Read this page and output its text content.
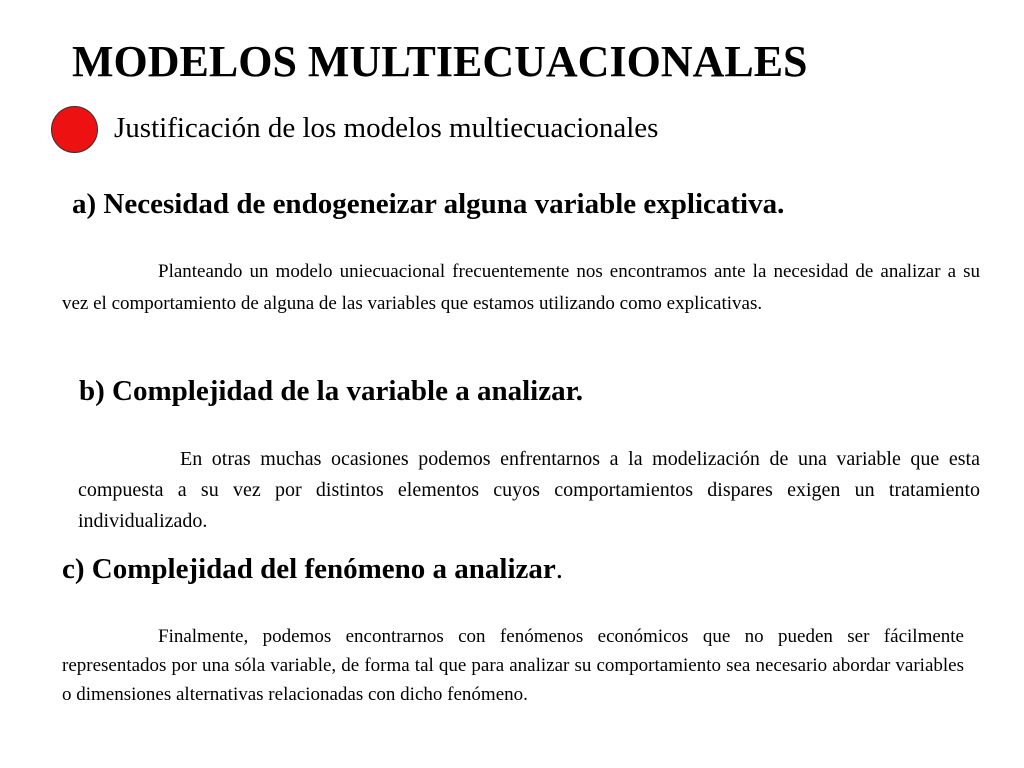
MODELOS MULTIECUACIONALES
Justificación de los modelos multiecuacionales
a) Necesidad de endogeneizar alguna variable explicativa.
Planteando un modelo uniecuacional frecuentemente nos encontramos ante la necesidad de analizar a su vez el comportamiento de alguna de las variables que estamos utilizando como explicativas.
b) Complejidad de la variable a analizar.
En otras muchas ocasiones podemos enfrentarnos a la modelización de una variable que esta compuesta a su vez por distintos elementos cuyos comportamientos dispares exigen un tratamiento individualizado.
c) Complejidad del fenómeno a analizar.
Finalmente, podemos encontrarnos con fenómenos económicos que no pueden ser fácilmente representados por una sóla variable, de forma tal que para analizar su comportamiento sea necesario abordar variables o dimensiones alternativas relacionadas con dicho fenómeno.
